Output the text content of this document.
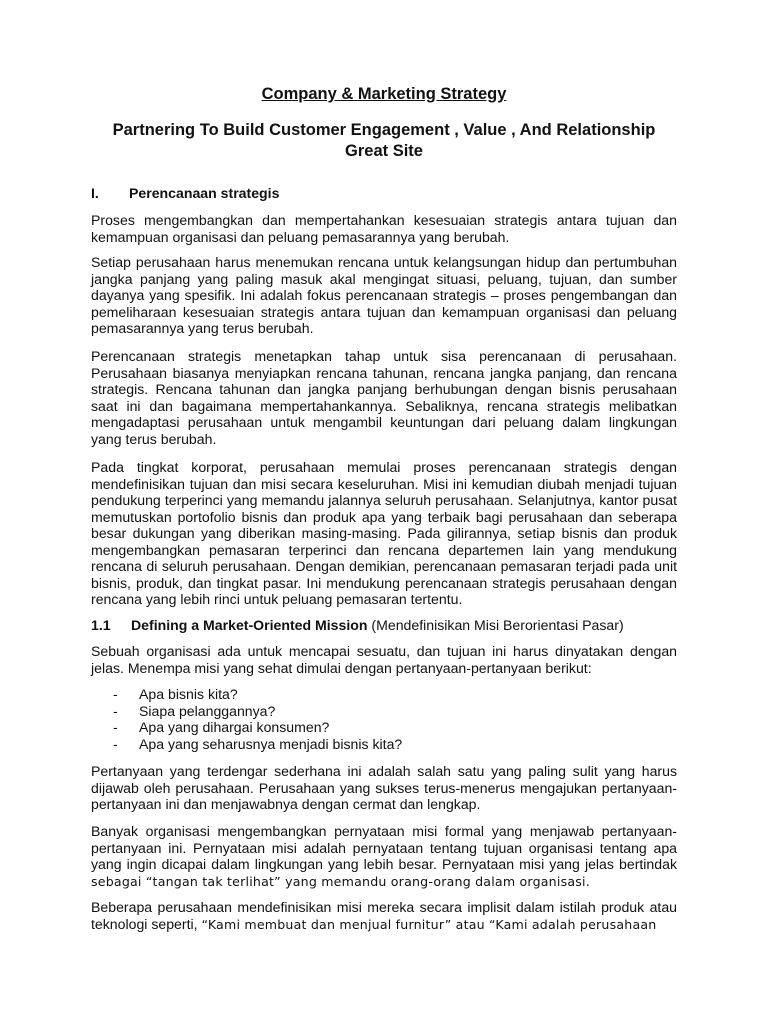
Company & Marketing Strategy
Partnering To Build Customer Engagement , Value , And Relationship Great Site
I. Perencanaan strategis

Proses mengembangkan dan mempertahankan kesesuaian strategis antara tujuan dan kemampuan organisasi dan peluang pemasarannya yang berubah.

Setiap perusahaan harus menemukan rencana untuk kelangsungan hidup dan pertumbuhan jangka panjang yang paling masuk akal mengingat situasi, peluang, tujuan, dan sumber dayanya yang spesifik. Ini adalah fokus perencanaan strategis – proses pengembangan dan pemeliharaan kesesuaian strategis antara tujuan dan kemampuan organisasi dan peluang pemasarannya yang terus berubah.

Perencanaan strategis menetapkan tahap untuk sisa perencanaan di perusahaan. Perusahaan biasanya menyiapkan rencana tahunan, rencana jangka panjang, dan rencana strategis. Rencana tahunan dan jangka panjang berhubungan dengan bisnis perusahaan saat ini dan bagaimana mempertahankannya. Sebaliknya, rencana strategis melibatkan mengadaptasi perusahaan untuk mengambil keuntungan dari peluang dalam lingkungan yang terus berubah.

Pada tingkat korporat, perusahaan memulai proses perencanaan strategis dengan mendefinisikan tujuan dan misi secara keseluruhan. Misi ini kemudian diubah menjadi tujuan pendukung terperinci yang memandu jalannya seluruh perusahaan. Selanjutnya, kantor pusat memutuskan portofolio bisnis dan produk apa yang terbaik bagi perusahaan dan seberapa besar dukungan yang diberikan masing-masing. Pada gilirannya, setiap bisnis dan produk mengembangkan pemasaran terperinci dan rencana departemen lain yang mendukung rencana di seluruh perusahaan. Dengan demikian, perencanaan pemasaran terjadi pada unit bisnis, produk, dan tingkat pasar. Ini mendukung perencanaan strategis perusahaan dengan rencana yang lebih rinci untuk peluang pemasaran tertentu.

1.1 Defining a Market-Oriented Mission (Mendefinisikan Misi Berorientasi Pasar)

Sebuah organisasi ada untuk mencapai sesuatu, dan tujuan ini harus dinyatakan dengan jelas. Menempa misi yang sehat dimulai dengan pertanyaan-pertanyaan berikut:

-	Apa bisnis kita?
-	Siapa pelanggannya?
-	Apa yang dihargai konsumen?
-	Apa yang seharusnya menjadi bisnis kita?

Pertanyaan yang terdengar sederhana ini adalah salah satu yang paling sulit yang harus dijawab oleh perusahaan. Perusahaan yang sukses terus-menerus mengajukan pertanyaan-pertanyaan ini dan menjawabnya dengan cermat dan lengkap.

Banyak organisasi mengembangkan pernyataan misi formal yang menjawab pertanyaan-pertanyaan ini. Pernyataan misi adalah pernyataan tentang tujuan organisasi tentang apa yang ingin dicapai dalam lingkungan yang lebih besar. Pernyataan misi yang jelas bertindak sebagai “tangan tak terlihat” yang memandu orang-orang dalam organisasi.

Beberapa perusahaan mendefinisikan misi mereka secara implisit dalam istilah produk atau teknologi seperti, “Kami membuat dan menjual furnitur” atau “Kami adalah perusahaan
